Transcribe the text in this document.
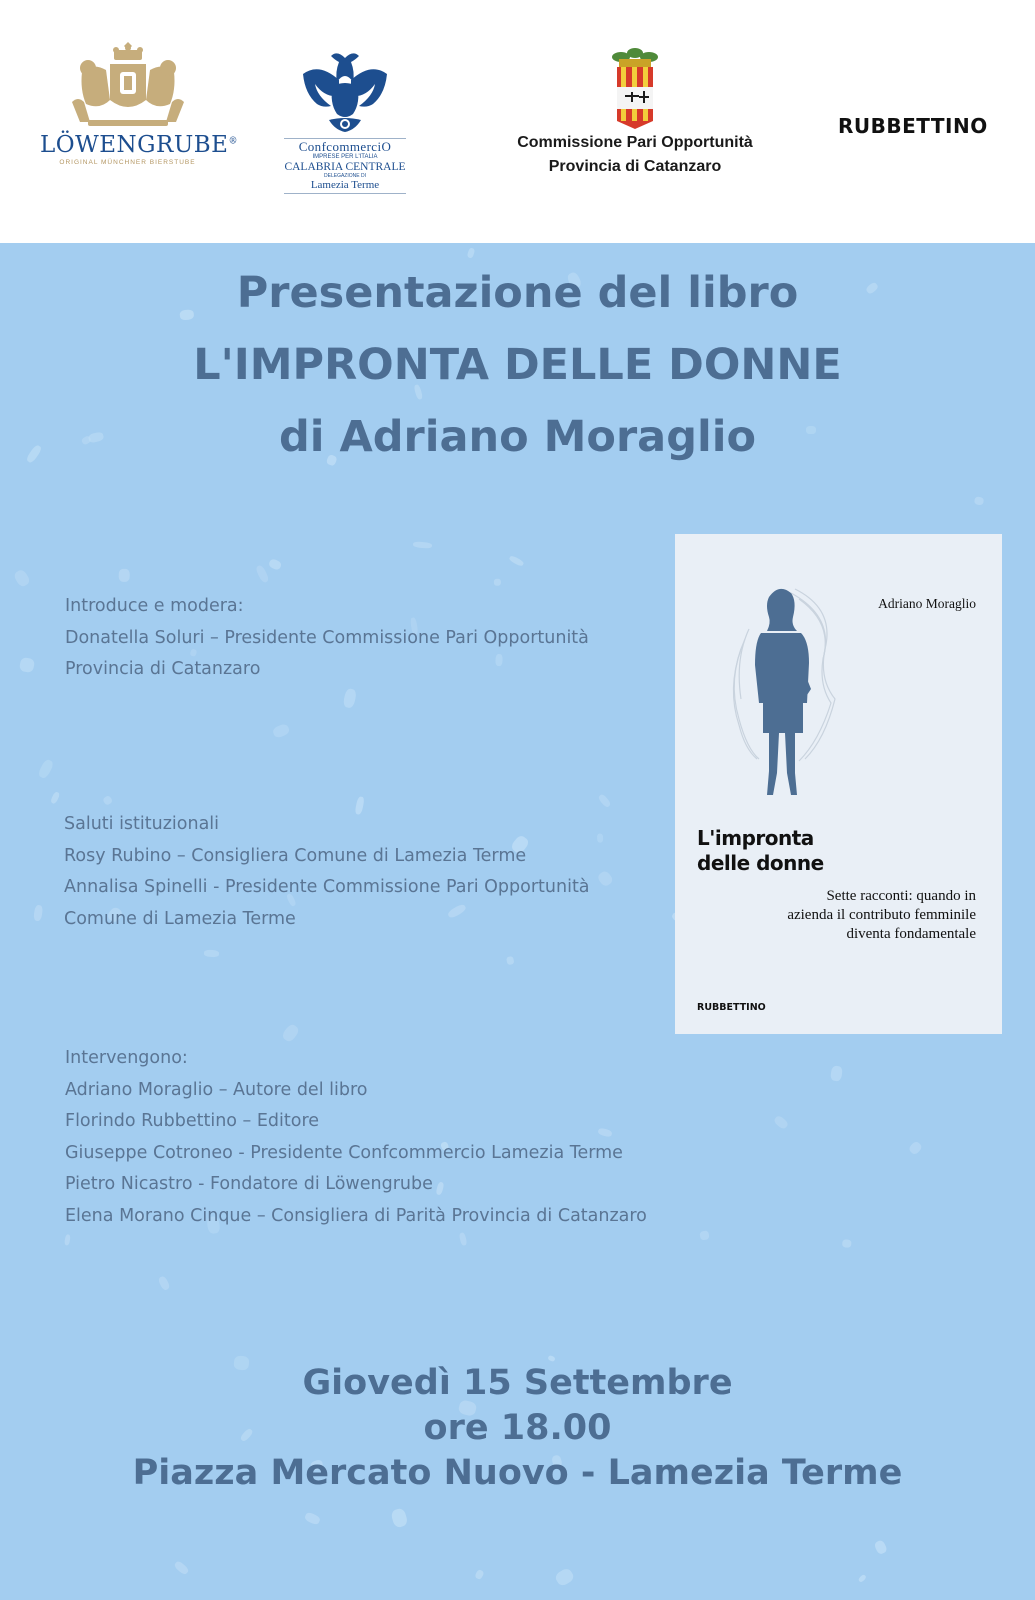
LÖWENGRUBE®
ORIGINAL MÜNCHNER BIERSTUBE
ConfcommerciO
IMPRESE PER L'ITALIA
CALABRIA CENTRALE
DELEGAZIONE DI
Lamezia Terme
Commissione Pari Opportunità
Provincia di Catanzaro
RUBBETTINO
Presentazione del libro
L'IMPRONTA DELLE DONNE
di Adriano Moraglio
Introduce e modera:
Donatella Soluri – Presidente Commissione Pari Opportunità
Provincia di Catanzaro
Saluti istituzionali
Rosy Rubino – Consigliera Comune di Lamezia Terme
Annalisa Spinelli - Presidente Commissione Pari Opportunità
Comune di Lamezia Terme
Intervengono:
Adriano Moraglio – Autore del libro
Florindo Rubbettino – Editore
Giuseppe Cotroneo - Presidente Confcommercio Lamezia Terme
Pietro Nicastro - Fondatore di Löwengrube
Elena Morano Cinque – Consigliera di Parità Provincia di Catanzaro
Giovedì 15 Settembre
ore 18.00
Piazza Mercato Nuovo - Lamezia Terme
Adriano Moraglio
L'impronta
delle donne
Sette racconti: quando in
azienda il contributo femminile
diventa fondamentale
RUBBETTINO
